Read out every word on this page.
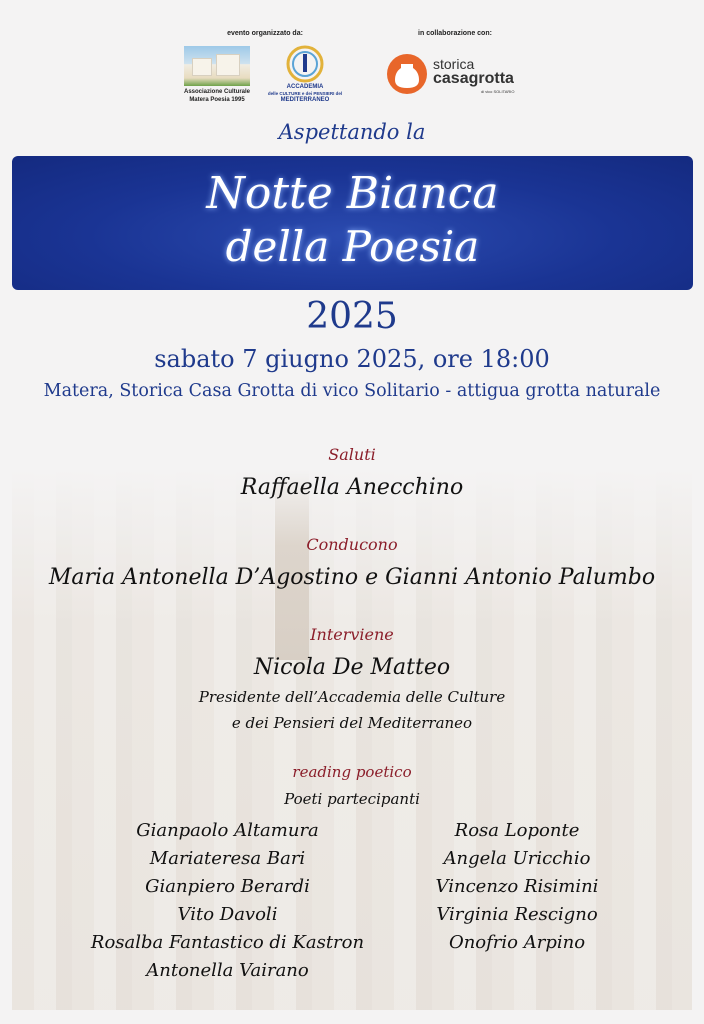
evento organizzato da:	in collaborazione con:
Associazione Culturale
Matera Poesia 1995
ACCADEMIA
delle CULTURE e dei PENSIERI del
MEDITERRANEO
storica
casagrotta
di vico SOLITARIO
Aspettando la
Notte Bianca
della Poesia
2025
sabato 7 giugno 2025, ore 18:00
Matera, Storica Casa Grotta di vico Solitario - attigua grotta naturale
Saluti
Raffaella Anecchino
Conducono
Maria Antonella D’Agostino e Gianni Antonio Palumbo
Interviene
Nicola De Matteo
Presidente dell’Accademia delle Culture
e dei Pensieri del Mediterraneo
reading poetico
Poeti partecipanti
Gianpaolo Altamura
Mariateresa Bari
Gianpiero Berardi
Vito Davoli
Rosalba Fantastico di Kastron
Antonella Vairano
Rosa Loponte
Angela Uricchio
Vincenzo Risimini
Virginia Rescigno
Onofrio Arpino
